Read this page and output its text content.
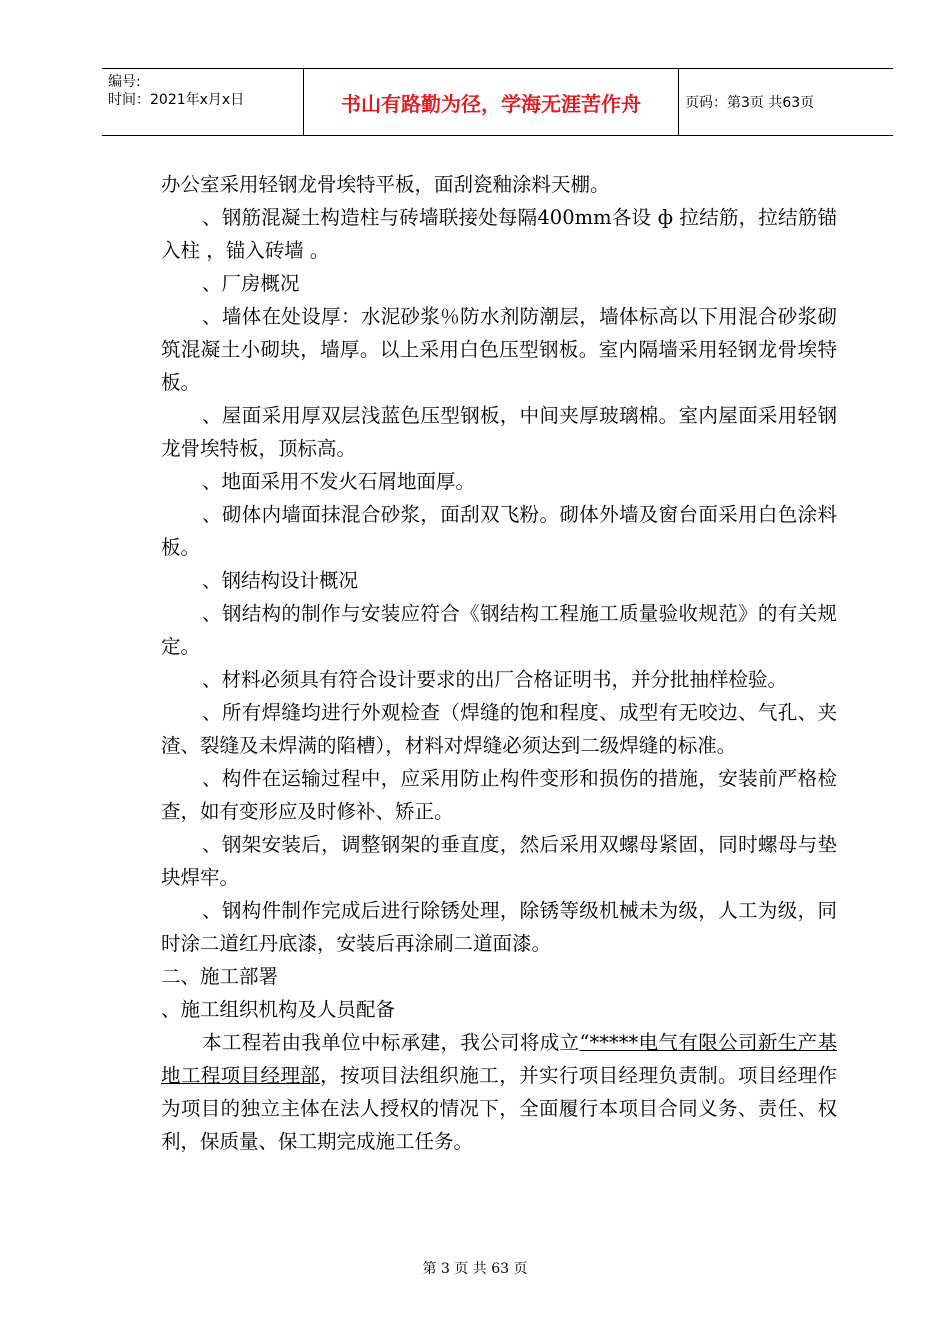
编号:
时间：2021年x月x日	书山有路勤为径，学海无涯苦作舟	页码：第3页 共63页

办公室采用轻钢龙骨埃特平板，面刮瓷釉涂料天棚。

、钢筋混凝土构造柱与砖墙联接处每隔400mm各设 ф 拉结筋，拉结筋锚入柱 ，锚入砖墙 。

、厂房概况

、墙体在处设厚：水泥砂浆％防水剂防潮层，墙体标高以下用混合砂浆砌筑混凝土小砌块，墙厚。以上采用白色压型钢板。室内隔墙采用轻钢龙骨埃特板。

、屋面采用厚双层浅蓝色压型钢板，中间夹厚玻璃棉。室内屋面采用轻钢龙骨埃特板，顶标高。

、地面采用不发火石屑地面厚。

、砌体内墙面抹混合砂浆，面刮双飞粉。砌体外墙及窗台面采用白色涂料板。

、钢结构设计概况

、钢结构的制作与安装应符合《钢结构工程施工质量验收规范》的有关规定。

、材料必须具有符合设计要求的出厂合格证明书，并分批抽样检验。

、所有焊缝均进行外观检查（焊缝的饱和程度、成型有无咬边、气孔、夹渣、裂缝及未焊满的陷槽），材料对焊缝必须达到二级焊缝的标准。

、构件在运输过程中，应采用防止构件变形和损伤的措施，安装前严格检查，如有变形应及时修补、矫正。

、钢架安装后，调整钢架的垂直度，然后采用双螺母紧固，同时螺母与垫块焊牢。

、钢构件制作完成后进行除锈处理，除锈等级机械未为级，人工为级，同时涂二道红丹底漆，安装后再涂刷二道面漆。

二、施工部署

、施工组织机构及人员配备

本工程若由我单位中标承建，我公司将成立“*****电气有限公司新生产基地工程项目经理部，按项目法组织施工，并实行项目经理负责制。项目经理作为项目的独立主体在法人授权的情况下，全面履行本项目合同义务、责任、权利，保质量、保工期完成施工任务。

第 3 页 共 63 页
